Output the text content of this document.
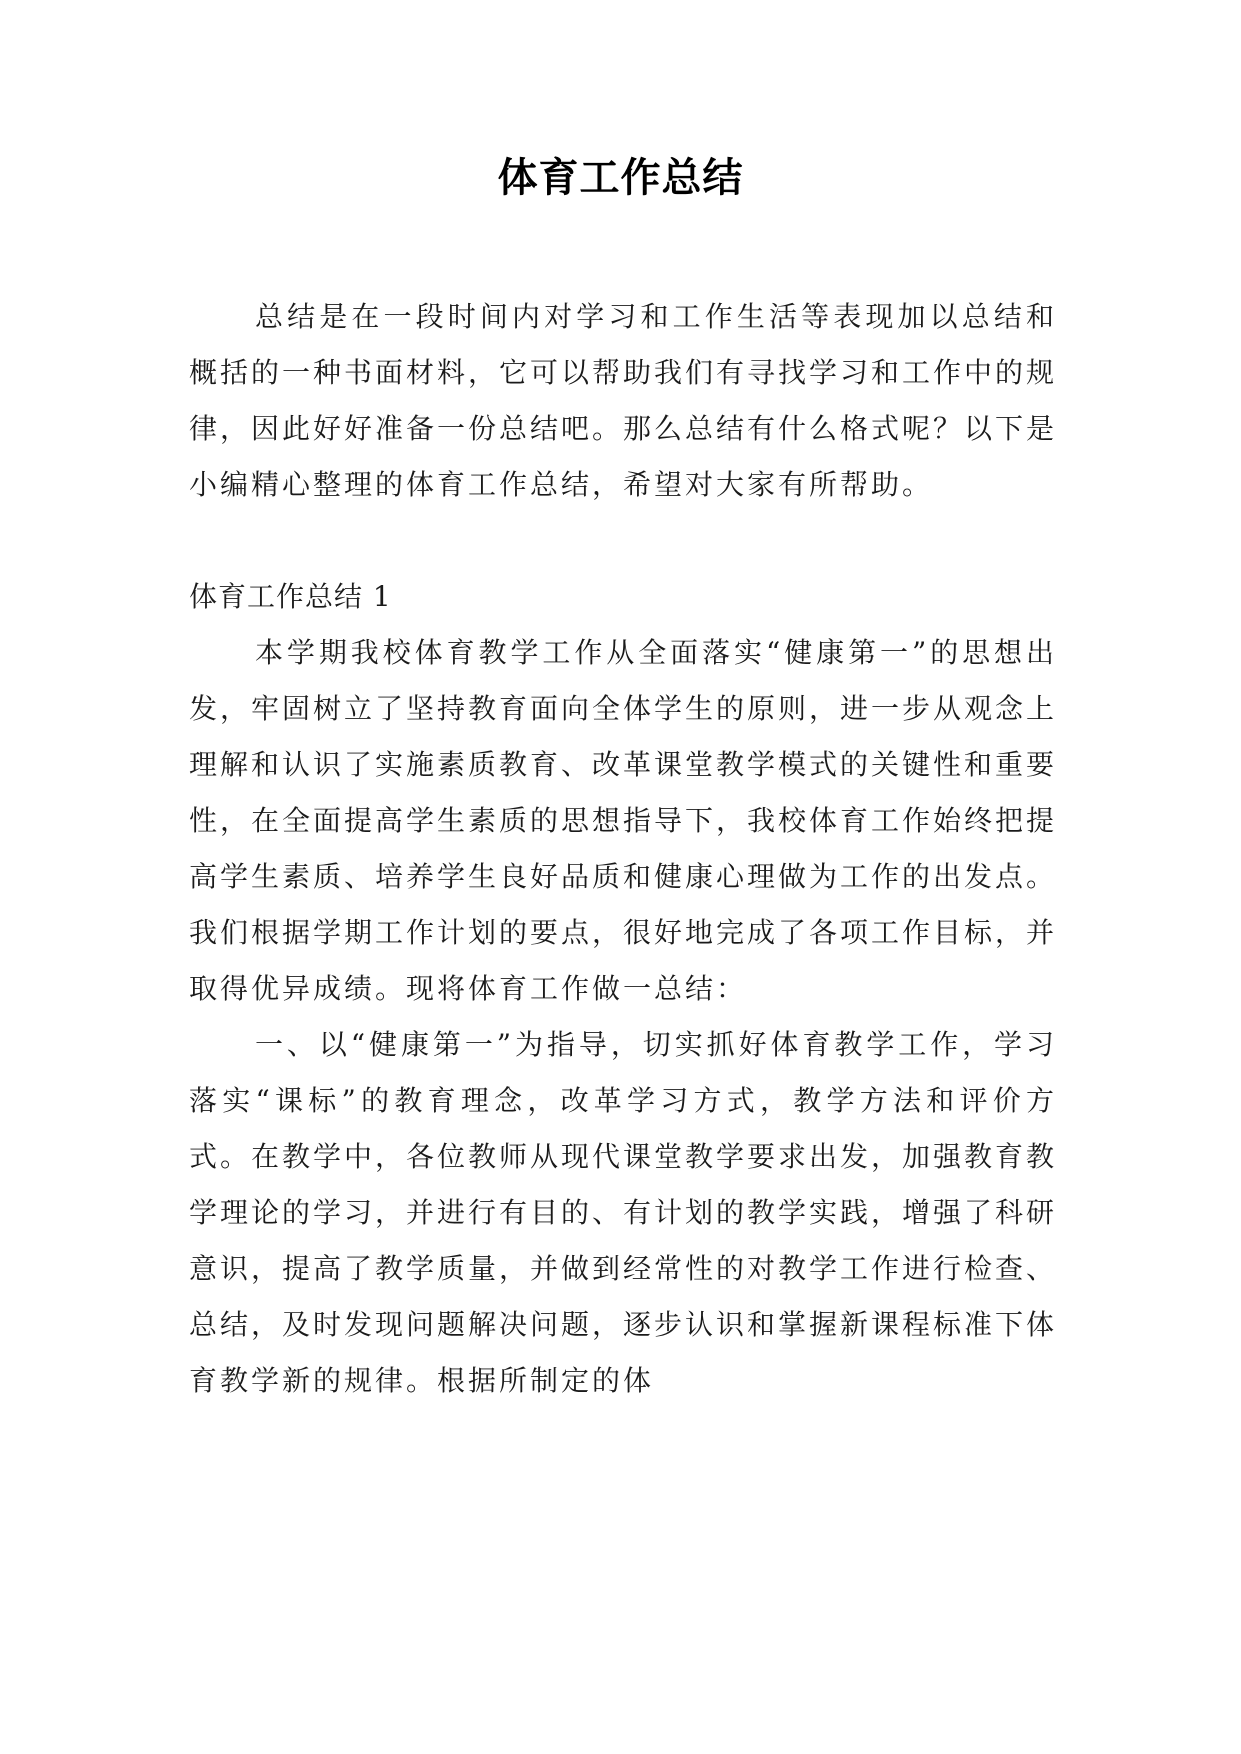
体育工作总结

总结是在一段时间内对学习和工作生活等表现加以总结和概括的一种书面材料，它可以帮助我们有寻找学习和工作中的规律，因此好好准备一份总结吧。那么总结有什么格式呢？以下是小编精心整理的体育工作总结，希望对大家有所帮助。

体育工作总结 1

本学期我校体育教学工作从全面落实“健康第一”的思想出发，牢固树立了坚持教育面向全体学生的原则，进一步从观念上理解和认识了实施素质教育、改革课堂教学模式的关键性和重要性，在全面提高学生素质的思想指导下，我校体育工作始终把提高学生素质、培养学生良好品质和健康心理做为工作的出发点。我们根据学期工作计划的要点，很好地完成了各项工作目标，并取得优异成绩。现将体育工作做一总结：

一、以“健康第一”为指导，切实抓好体育教学工作，学习落实“课标”的教育理念，改革学习方式，教学方法和评价方式。在教学中，各位教师从现代课堂教学要求出发，加强教育教学理论的学习，并进行有目的、有计划的教学实践，增强了科研意识，提高了教学质量，并做到经常性的对教学工作进行检查、总结，及时发现问题解决问题，逐步认识和掌握新课程标准下体育教学新的规律。根据所制定的体
